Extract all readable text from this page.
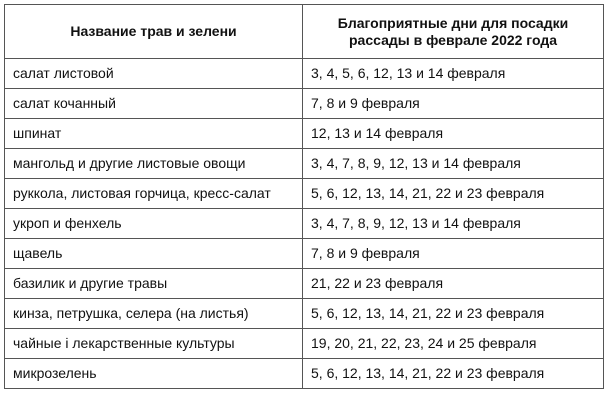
Название трав и зелени	Благоприятные дни для посадки
рассады в феврале 2022 года

салат листовой	3, 4, 5, 6, 12, 13 и 14 февраля
салат кочанный	7, 8 и 9 февраля
шпинат	12, 13 и 14 февраля
мангольд и другие листовые овощи	3, 4, 7, 8, 9, 12, 13 и 14 февраля
руккола, листовая горчица, кресс-салат	5, 6, 12, 13, 14, 21, 22 и 23 февраля
укроп и фенхель	3, 4, 7, 8, 9, 12, 13 и 14 февраля
щавель	7, 8 и 9 февраля
базилик и другие травы	21, 22 и 23 февраля
кинза, петрушка, селера (на листья)	5, 6, 12, 13, 14, 21, 22 и 23 февраля
чайные і лекарственные культуры	19, 20, 21, 22, 23, 24 и 25 февраля
микрозелень	5, 6, 12, 13, 14, 21, 22 и 23 февраля
